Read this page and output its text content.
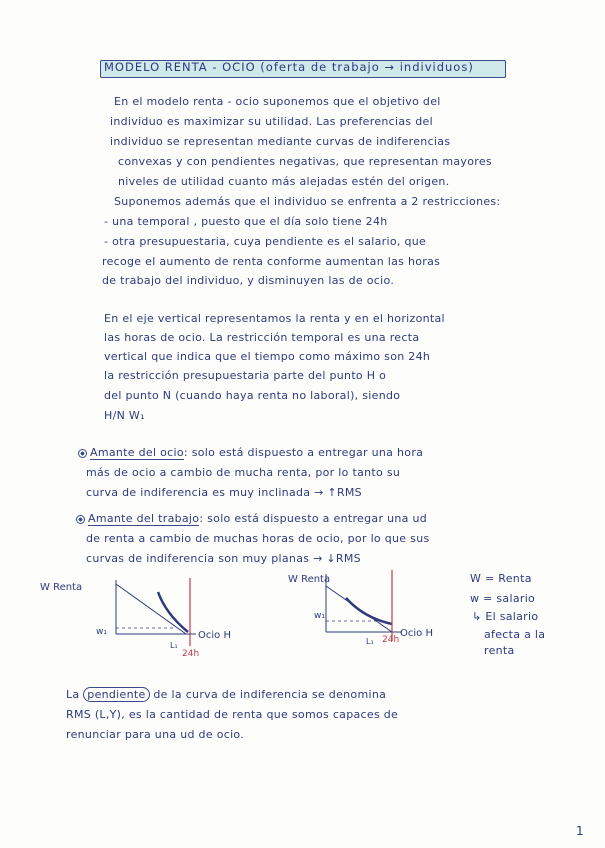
MODELO RENTA - OCIO (oferta de trabajo → individuos)
En el modelo renta - ocio suponemos que el objetivo del
individuo es maximizar su utilidad. Las preferencias del
individuo se representan mediante curvas de indiferencias
convexas y con pendientes negativas, que representan mayores
niveles de utilidad cuanto más alejadas estén del origen.
Suponemos además que el individuo se enfrenta a 2 restricciones:
- una temporal , puesto que el día solo tiene 24h
- otra presupuestaria, cuya pendiente es el salario, que
recoge el aumento de renta conforme aumentan las horas
de trabajo del individuo, y disminuyen las de ocio.
En el eje vertical representamos la renta y en el horizontal
las horas de ocio. La restricción temporal es una recta
vertical que indica que el tiempo como máximo son 24h
la restricción presupuestaria parte del punto H o
del punto N (cuando haya renta no laboral), siendo
H/N W₁
Amante del ocio: solo está dispuesto a entregar una hora
más de ocio a cambio de mucha renta, por lo tanto su
curva de indiferencia es muy inclinada → ↑RMS
Amante del trabajo: solo está dispuesto a entregar una ud
de renta a cambio de muchas horas de ocio, por lo que sus
curvas de indiferencia son muy planas → ↓RMS
W Renta
w₁	Ocio H
L₁
24h
W Renta
w₁
Ocio H
L₁ 24h
W = Renta
w = salario
↳ El salario
afecta a la
renta
La pendiente de la curva de indiferencia se denomina
RMS (L,Y), es la cantidad de renta que somos capaces de
renunciar para una ud de ocio.
1
